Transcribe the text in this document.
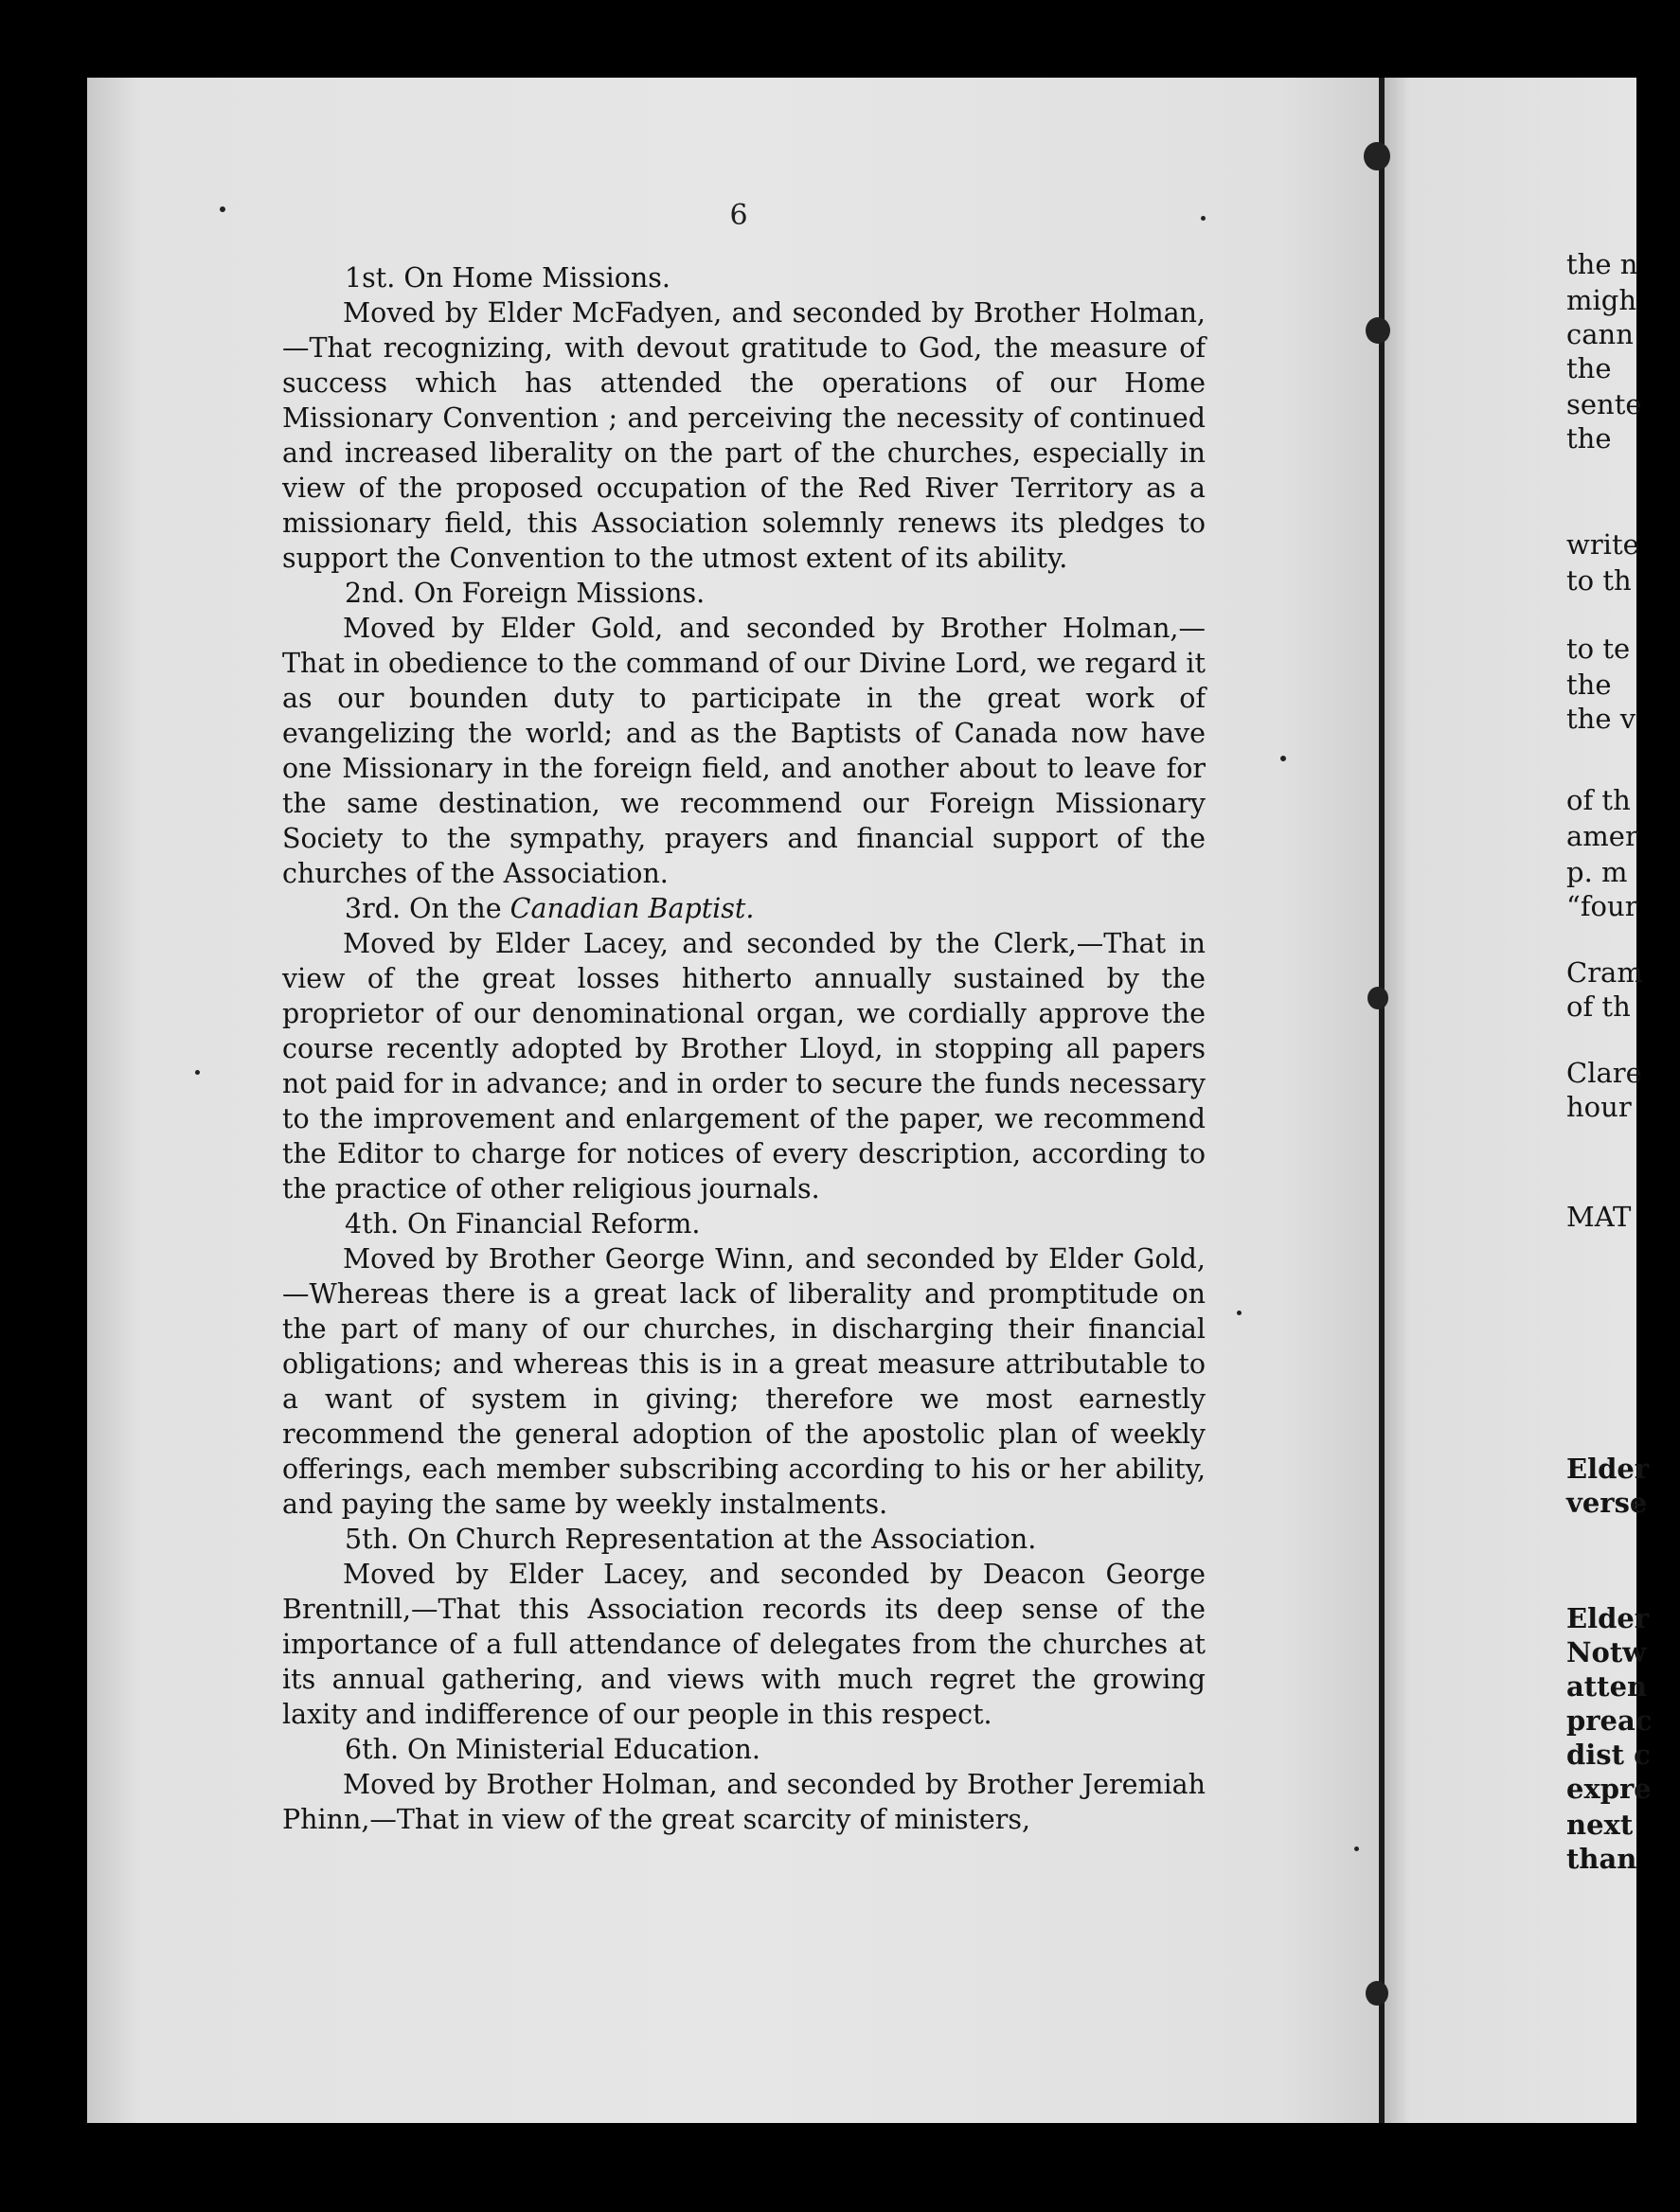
6

1st. On Home Missions.

Moved by Elder McFadyen, and seconded by Brother Holman,—That recognizing, with devout gratitude to God, the measure of success which has attended the operations of our Home Missionary Convention ; and perceiving the necessity of continued and increased liberality on the part of the churches, especially in view of the proposed occupation of the Red River Territory as a missionary field, this Association solemnly renews its pledges to support the Convention to the utmost extent of its ability.

2nd. On Foreign Missions.

Moved by Elder Gold, and seconded by Brother Holman,—That in obedience to the command of our Divine Lord, we regard it as our bounden duty to participate in the great work of evangelizing the world; and as the Baptists of Canada now have one Missionary in the foreign field, and another about to leave for the same destination, we recommend our Foreign Missionary Society to the sympathy, prayers and financial support of the churches of the Association.

3rd. On the Canadian Baptist.

Moved by Elder Lacey, and seconded by the Clerk,—That in view of the great losses hitherto annually sustained by the proprietor of our denominational organ, we cordially approve the course recently adopted by Brother Lloyd, in stopping all papers not paid for in advance; and in order to secure the funds necessary to the improvement and enlargement of the paper, we recommend the Editor to charge for notices of every description, according to the practice of other religious journals.

4th. On Financial Reform.

Moved by Brother George Winn, and seconded by Elder Gold,—Whereas there is a great lack of liberality and promptitude on the part of many of our churches, in discharging their financial obligations; and whereas this is in a great measure attributable to a want of system in giving; therefore we most earnestly recommend the general adoption of the apostolic plan of weekly offerings, each member subscribing according to his or her ability, and paying the same by weekly instalments.

5th. On Church Representation at the Association.

Moved by Elder Lacey, and seconded by Deacon George Brentnill,—That this Association records its deep sense of the importance of a full attendance of delegates from the churches at its annual gathering, and views with much regret the growing laxity and indifference of our people in this respect.

6th. On Ministerial Education.

Moved by Brother Holman, and seconded by Brother Jeremiah Phinn,—That in view of the great scarcity of ministers,

the n
migh
cann
the
sente
the
write
to th
to te
the
the v
of th
amer
p. m
“four
Cram
of th
Clare
hour
MAT
Elder
verse
Elder
Notw
atten
preac
dist c
expre
next
than
